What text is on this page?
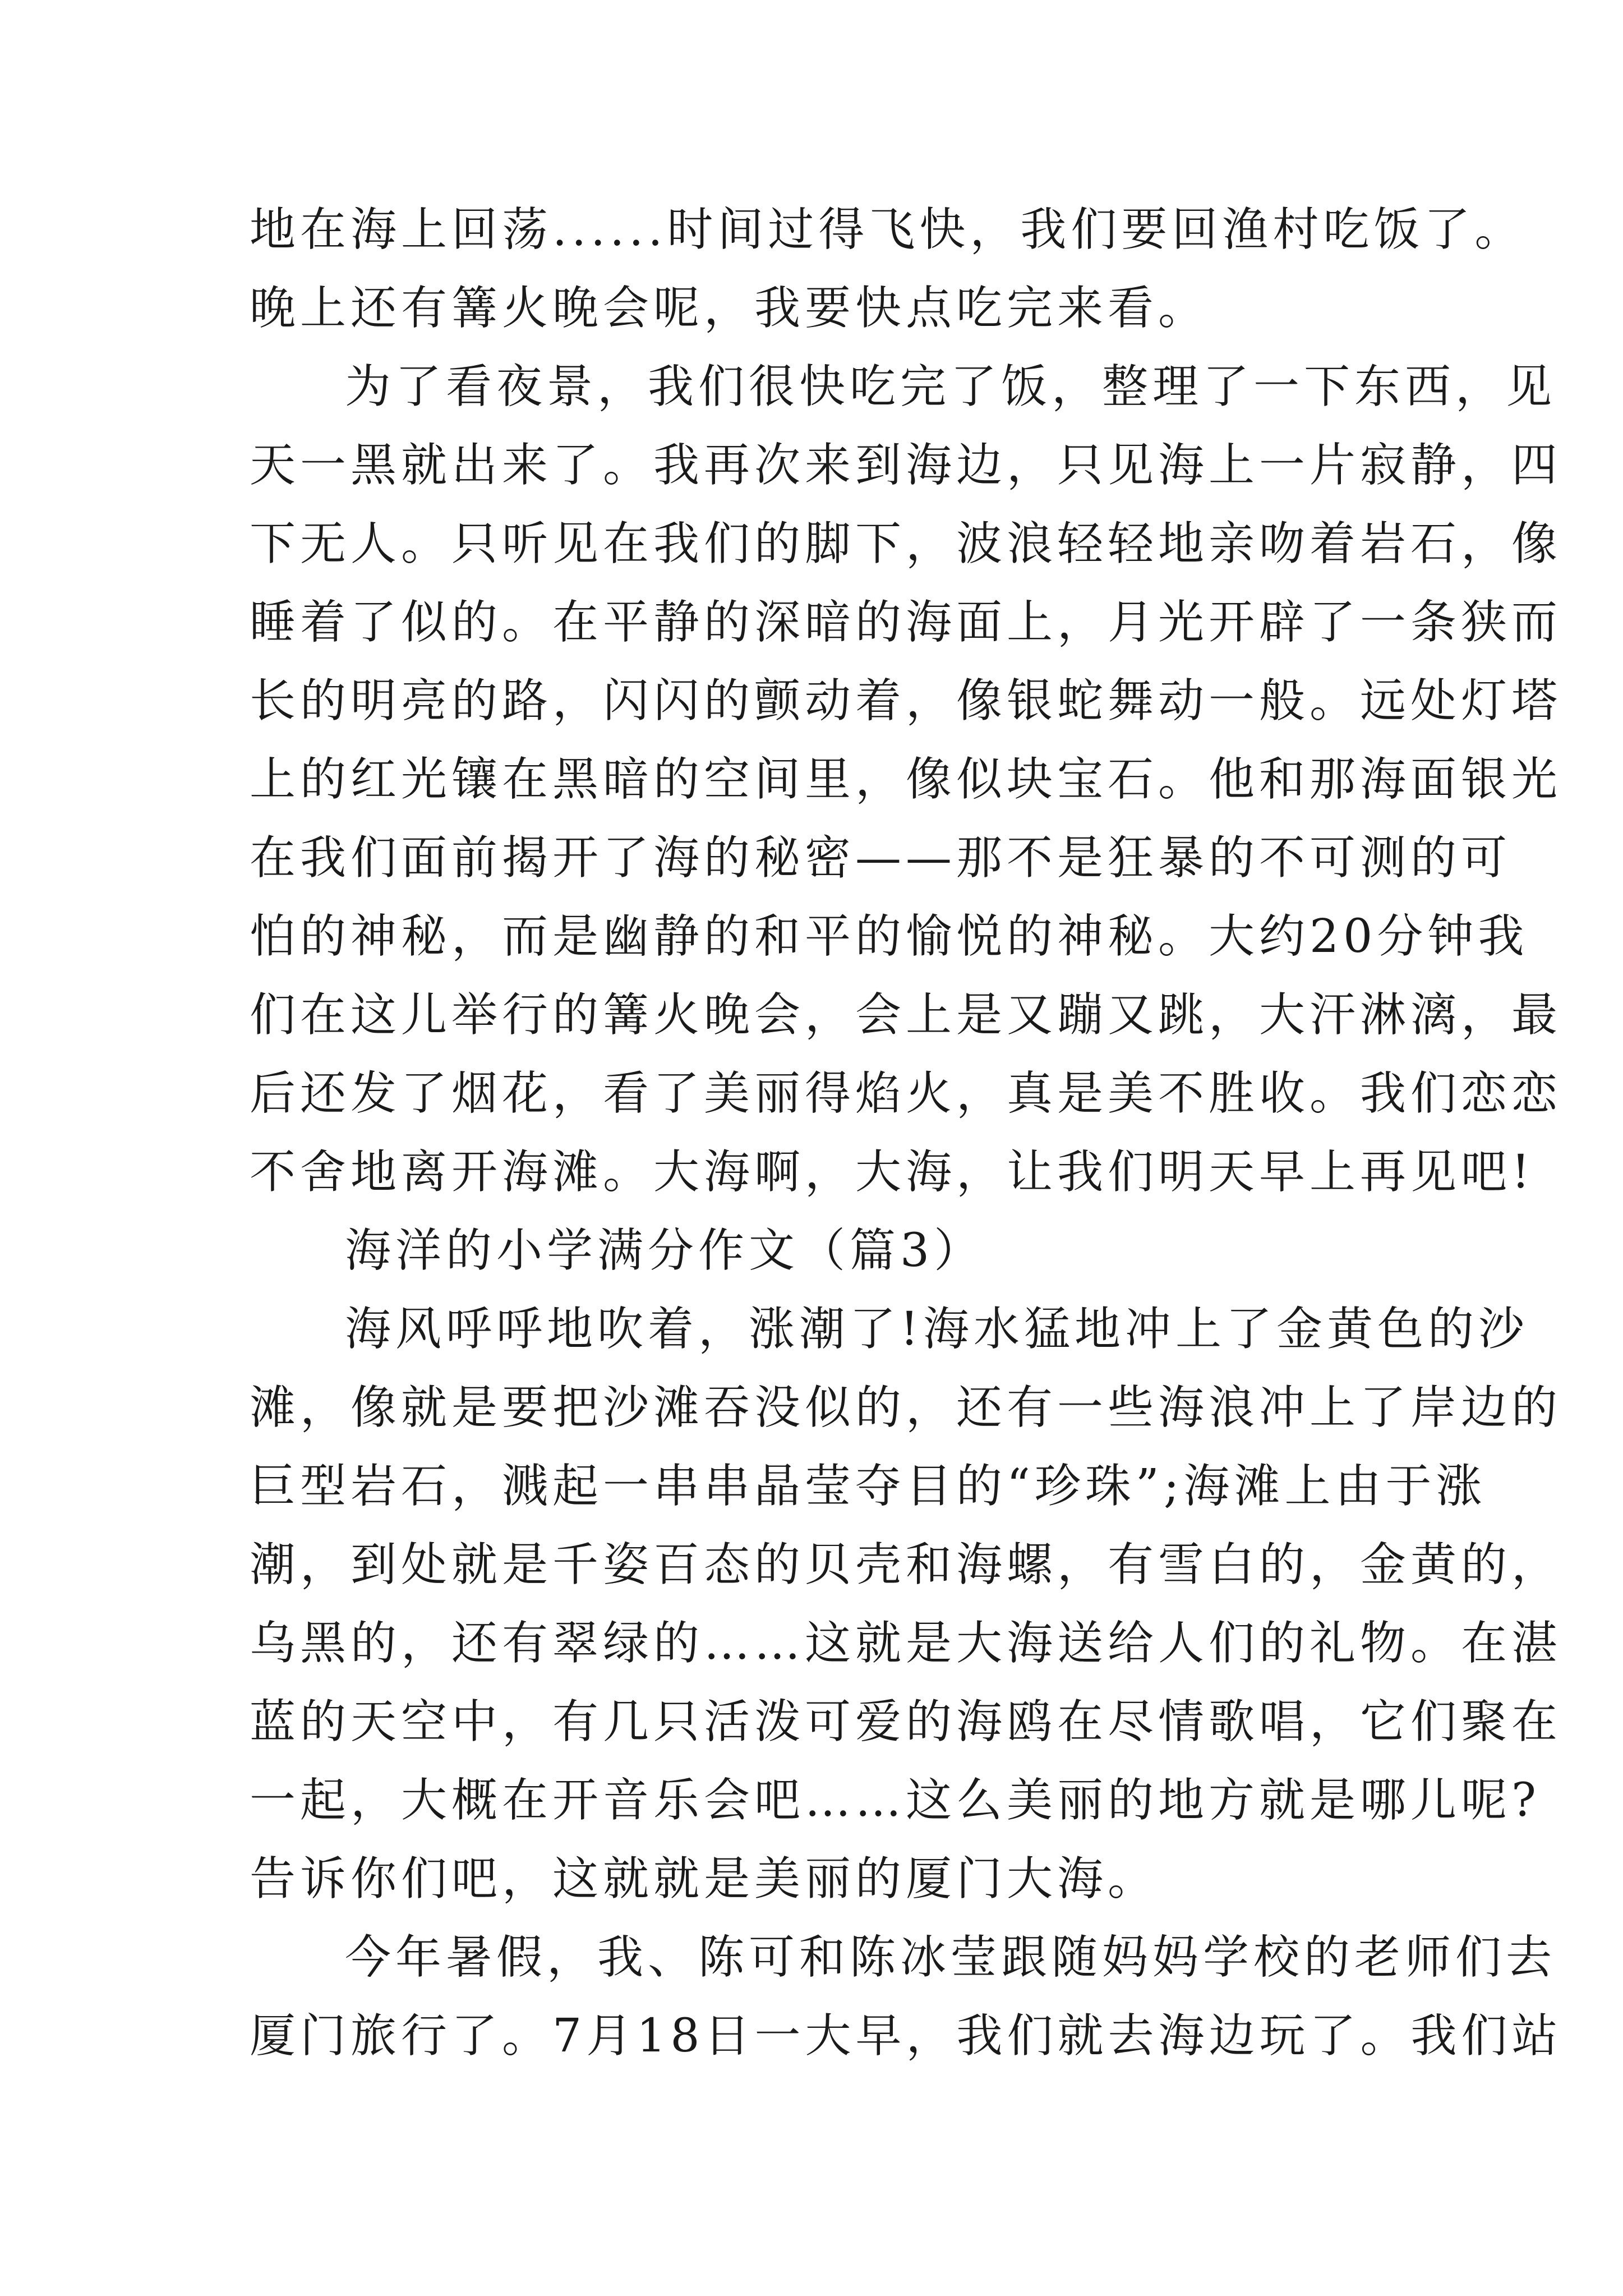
地在海上回荡......时间过得飞快，我们要回渔村吃饭了。
晚上还有篝火晚会呢，我要快点吃完来看。
为了看夜景，我们很快吃完了饭，整理了一下东西，见
天一黑就出来了。我再次来到海边，只见海上一片寂静，四
下无人。只听见在我们的脚下，波浪轻轻地亲吻着岩石，像
睡着了似的。在平静的深暗的海面上，月光开辟了一条狭而
长的明亮的路，闪闪的颤动着，像银蛇舞动一般。远处灯塔
上的红光镶在黑暗的空间里，像似块宝石。他和那海面银光
在我们面前揭开了海的秘密——那不是狂暴的不可测的可
怕的神秘，而是幽静的和平的愉悦的神秘。大约20分钟我
们在这儿举行的篝火晚会，会上是又蹦又跳，大汗淋漓，最
后还发了烟花，看了美丽得焰火，真是美不胜收。我们恋恋
不舍地离开海滩。大海啊，大海，让我们明天早上再见吧!
海洋的小学满分作文（篇3）
海风呼呼地吹着，涨潮了!海水猛地冲上了金黄色的沙
滩，像就是要把沙滩吞没似的，还有一些海浪冲上了岸边的
巨型岩石，溅起一串串晶莹夺目的“珍珠”;海滩上由于涨
潮，到处就是千姿百态的贝壳和海螺，有雪白的，金黄的，
乌黑的，还有翠绿的……这就是大海送给人们的礼物。在湛
蓝的天空中，有几只活泼可爱的海鸥在尽情歌唱，它们聚在
一起，大概在开音乐会吧……这么美丽的地方就是哪儿呢?
告诉你们吧，这就就是美丽的厦门大海。
今年暑假，我、陈可和陈冰莹跟随妈妈学校的老师们去
厦门旅行了。7月18日一大早，我们就去海边玩了。我们站
